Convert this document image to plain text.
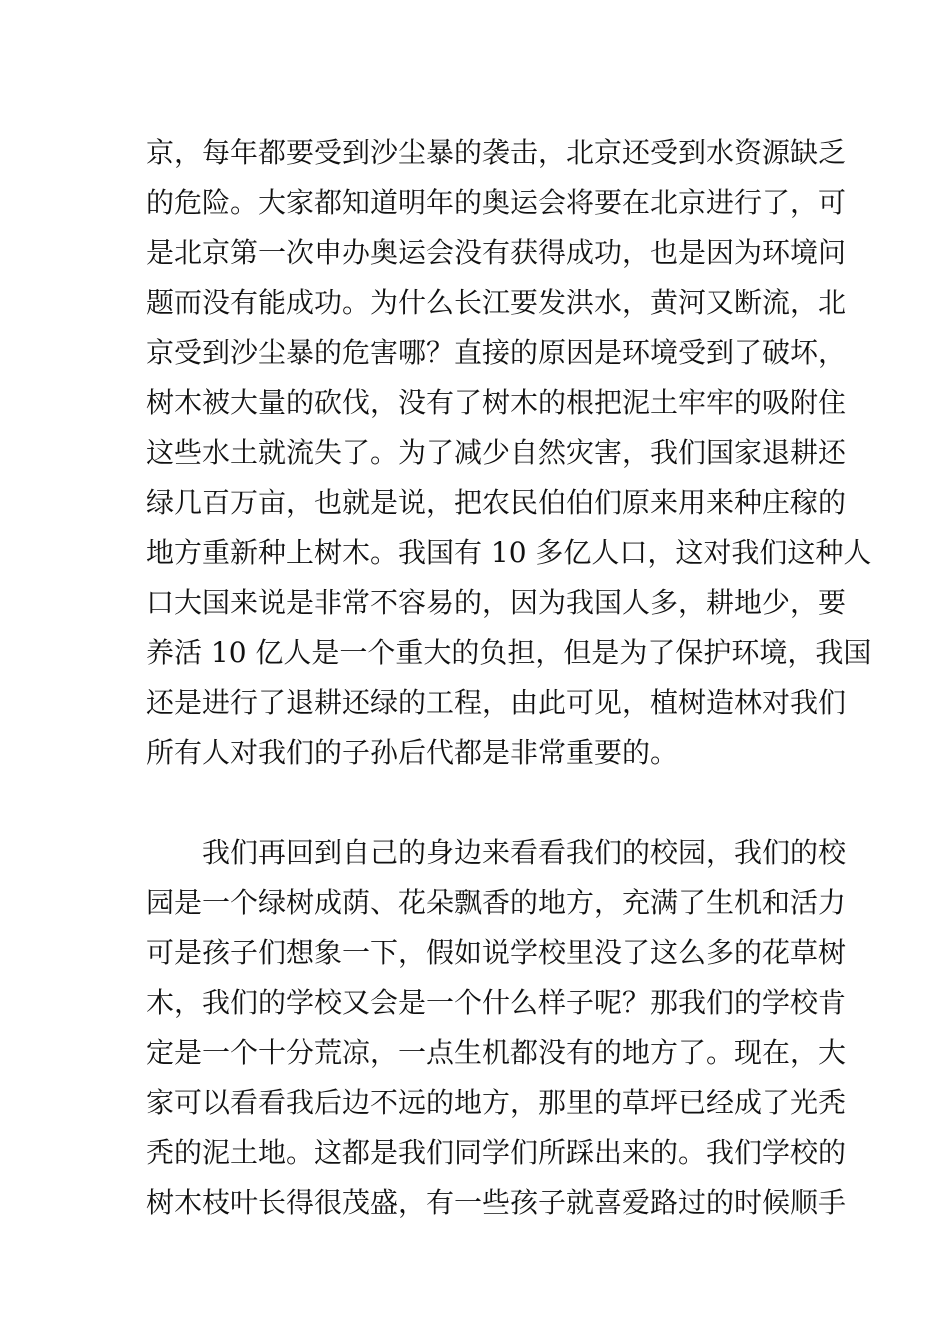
京，每年都要受到沙尘暴的袭击，北京还受到水资源缺乏
的危险。大家都知道明年的奥运会将要在北京进行了，可
是北京第一次申办奥运会没有获得成功，也是因为环境问
题而没有能成功。为什么长江要发洪水，黄河又断流，北
京受到沙尘暴的危害哪？直接的原因是环境受到了破坏，
树木被大量的砍伐，没有了树木的根把泥土牢牢的吸附住
这些水土就流失了。为了减少自然灾害，我们国家退耕还
绿几百万亩，也就是说，把农民伯伯们原来用来种庄稼的
地方重新种上树木。我国有 10 多亿人口，这对我们这种人
口大国来说是非常不容易的，因为我国人多，耕地少，要
养活 10 亿人是一个重大的负担，但是为了保护环境，我国
还是进行了退耕还绿的工程，由此可见，植树造林对我们
所有人对我们的子孙后代都是非常重要的。
我们再回到自己的身边来看看我们的校园，我们的校
园是一个绿树成荫、花朵飘香的地方，充满了生机和活力
可是孩子们想象一下，假如说学校里没了这么多的花草树
木，我们的学校又会是一个什么样子呢？那我们的学校肯
定是一个十分荒凉，一点生机都没有的地方了。现在，大
家可以看看我后边不远的地方，那里的草坪已经成了光秃
秃的泥土地。这都是我们同学们所踩出来的。我们学校的
树木枝叶长得很茂盛，有一些孩子就喜爱路过的时候顺手
